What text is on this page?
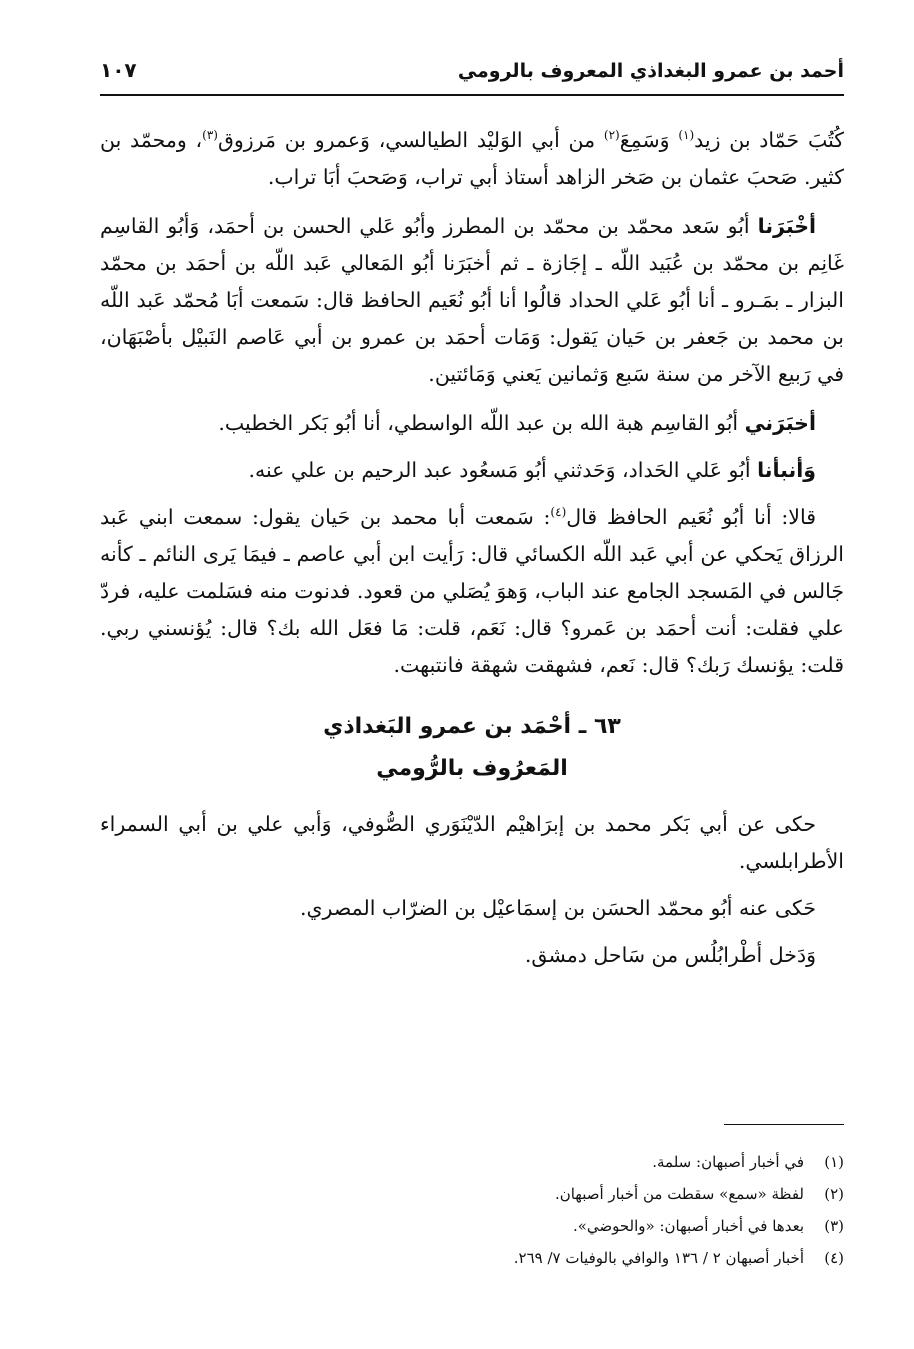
أحمد بن عمرو البغداذي المعروف بالرومي
١٠٧

كُتُبَ حَمّاد بن زيد$^{(١)}$ وَسَمِعَ$^{(٢)}$ من أبي الوَليْد الطيالسي، وَعمرو بن مَرزوق$^{(٣)}$، ومحمّد بن كثير. صَحبَ عثمان بن صَخر الزاهد أستاذ أبي تراب، وَصَحبَ أبَا تراب.

أخْبَرَنا أبُو سَعد محمّد بن محمّد بن المطرز وأبُو عَلي الحسن بن أحمَد، وَأبُو القاسِم غَانِم بن محمّد بن عُبَيد اللّه ـ إجَازة ـ ثم أخبَرَنا أبُو المَعالي عَبد اللّه بن أحمَد بن محمّد البزار ـ بمَـرو ـ أنا أبُو عَلي الحداد قالُوا أنا أبُو نُعَيم الحافظ قال: سَمعت أبَا مُحمّد عَبد اللّه بن محمد بن جَعفر بن حَيان يَقول: وَمَات أحمَد بن عمرو بن أبي عَاصم النَبيْل بأصْبَهَان، في رَبيع الآخر من سنة سَبع وَثمانين يَعني وَمَائتين.

أخبَرَني أبُو القاسِم هبة الله بن عبد اللّه الواسطي، أنا أبُو بَكر الخطيب.

وَأنبأنا أبُو عَلي الحَداد، وَحَدثني أبُو مَسعُود عبد الرحيم بن علي عنه.

قالا: أنا أبُو نُعَيم الحافظ قال$^{(٤)}$: سَمعت أبا محمد بن حَيان يقول: سمعت ابني عَبد الرزاق يَحكي عن أبي عَبد اللّه الكسائي قال: رَأيت ابن أبي عاصم ـ فيمَا يَرى النائم ـ كأنه جَالس في المَسجد الجامع عند الباب، وَهوَ يُصَلي من قعود. فدنوت منه فسَلمت عليه، فردّ علي فقلت: أنت أحمَد بن عَمرو؟ قال: نَعَم، قلت: مَا فعَل الله بك؟ قال: يُؤنسني ربي. قلت: يؤنسك رَبك؟ قال: نَعم، فشهقت شهقة فانتبهت.

٦٣ ـ أحْمَد بن عمرو البَغداذي
المَعرُوف بالرُّومي

حكى عن أبي بَكر محمد بن إبرَاهيْم الدّيْنَوَري الصُّوفي، وَأبي علي بن أبي السمراء الأطرابلسي.

حَكى عنه أبُو محمّد الحسَن بن إسمَاعيْل بن الضرّاب المصري.

وَدَخل أطْرابُلُس من سَاحل دمشق.

(١)
في أخبار أصبهان: سلمة.
(٢)
لفظة «سمع» سقطت من أخبار أصبهان.
(٣)
بعدها في أخبار أصبهان: «والحوضي».
(٤)
أخبار أصبهان ٢ / ١٣٦ والوافي بالوفيات ٧/ ٢٦٩.
